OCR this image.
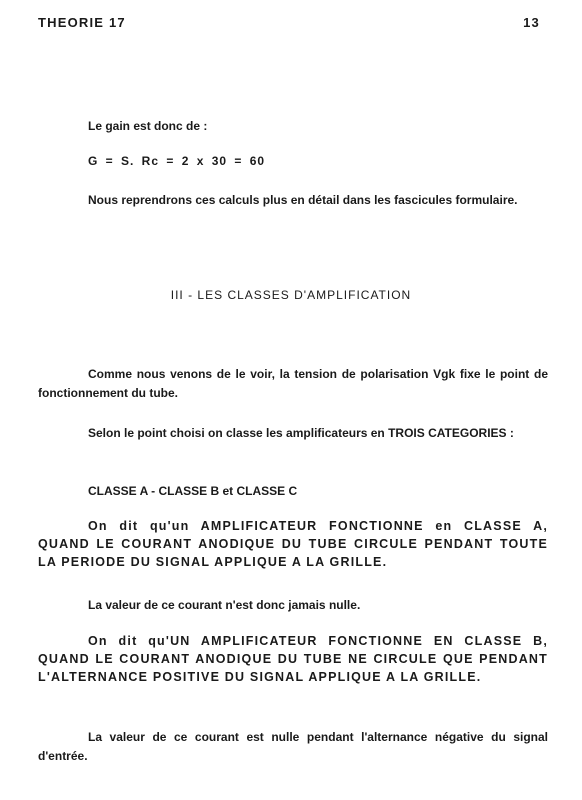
THEORIE 17	13
Le gain est donc de :
G = S. Rc = 2 x 30 = 60
Nous reprendrons ces calculs plus en détail dans les fascicules formulaire.
III - LES CLASSES D'AMPLIFICATION
Comme nous venons de le voir, la tension de polarisation Vgk fixe le point de fonctionnement du tube.
Selon le point choisi on classe les amplificateurs en TROIS CATEGORIES :
CLASSE A - CLASSE B et CLASSE C
On dit qu'un AMPLIFICATEUR FONCTIONNE en CLASSE A, QUAND LE COURANT ANODIQUE DU TUBE CIRCULE PENDANT TOUTE LA PERIODE DU SIGNAL APPLIQUE A LA GRILLE.
La valeur de ce courant n'est donc jamais nulle.
On dit qu'UN AMPLIFICATEUR FONCTIONNE EN CLASSE B, QUAND LE COURANT ANODIQUE DU TUBE NE CIRCULE QUE PENDANT L'ALTERNANCE POSITIVE DU SIGNAL APPLIQUE A LA GRILLE.
La valeur de ce courant est nulle pendant l'alternance négative du signal d'entrée.
